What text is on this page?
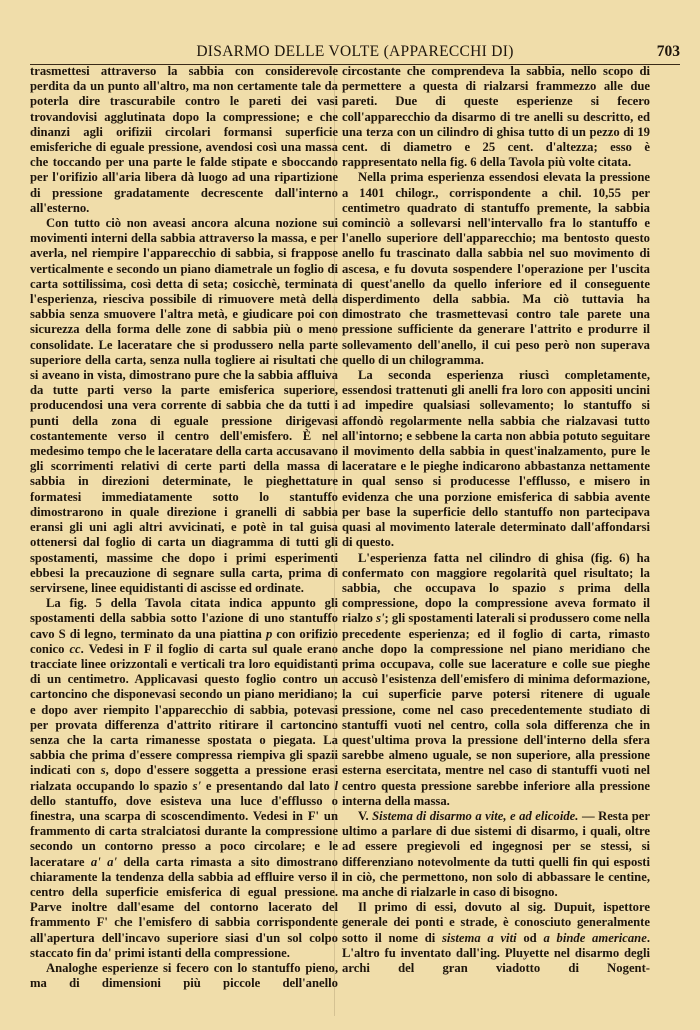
DISARMO DELLE VOLTE (APPARECCHI DI)	703

trasmettesi attraverso la sabbia con considerevole perdita da un punto all'altro, ma non certamente tale da poterla dire trascurabile contro le pareti dei vasi trovandovisi agglutinata dopo la compressione; e che dinanzi agli orifizii circolari formansi superficie emisferiche di eguale pressione, avendosi così una massa che toccando per una parte le falde stipate e sboccando per l'orifizio all'aria libera dà luogo ad una ripartizione di pressione gradatamente decrescente dall'interno all'esterno.

Con tutto ciò non aveasi ancora alcuna nozione sui movimenti interni della sabbia attraverso la massa, e per averla, nel riempire l'apparecchio di sabbia, si frappose verticalmente e secondo un piano diametrale un foglio di carta sottilissima, così detta di seta; cosicchè, terminata l'esperienza, riesciva possibile di rimuovere metà della sabbia senza smuovere l'altra metà, e giudicare poi con sicurezza della forma delle zone di sabbia più o meno consolidate. Le laceratare che si produssero nella parte superiore della carta, senza nulla togliere ai risultati che si aveano in vista, dimostrano pure che la sabbia affluiva da tutte parti verso la parte emisferica superiore, producendosi una vera corrente di sabbia che da tutti i punti della zona di eguale pressione dirigevasi costantemente verso il centro dell'emisfero. È nel medesimo tempo che le laceratare della carta accusavano gli scorrimenti relativi di certe parti della massa di sabbia in direzioni determinate, le pieghettature formatesi immediatamente sotto lo stantuffo dimostrarono in quale direzione i granelli di sabbia eransi gli uni agli altri avvicinati, e potè in tal guisa ottenersi dal foglio di carta un diagramma di tutti gli spostamenti, massime che dopo i primi esperimenti ebbesi la precauzione di segnare sulla carta, prima di servirsene, linee equidistanti di ascisse ed ordinate.

La fig. 5 della Tavola citata indica appunto gli spostamenti della sabbia sotto l'azione di uno stantuffo cavo S di legno, terminato da una piattina p con orifizio conico cc. Vedesi in F il foglio di carta sul quale erano tracciate linee orizzontali e verticali tra loro equidistanti di un centimetro. Applicavasi questo foglio contro un cartoncino che disponevasi secondo un piano meridiano; e dopo aver riempito l'apparecchio di sabbia, potevasi per provata differenza d'attrito ritirare il cartoncino senza che la carta rimanesse spostata o piegata. La sabbia che prima d'essere compressa riempiva gli spazii indicati con s, dopo d'essere soggetta a pressione erasi rialzata occupando lo spazio s' e presentando dal lato l dello stantuffo, dove esisteva una luce d'efflusso o finestra, una scarpa di scoscendimento. Vedesi in F' un frammento di carta stralciatosi durante la compressione secondo un contorno presso a poco circolare; e le laceratare a' a' della carta rimasta a sito dimostrano chiaramente la tendenza della sabbia ad effluire verso il centro della superficie emisferica di egual pressione. Parve inoltre dall'esame del contorno lacerato del frammento F' che l'emisfero di sabbia corrispondente all'apertura dell'incavo superiore siasi d'un sol colpo staccato fin da' primi istanti della compressione.

Analoghe esperienze si fecero con lo stantuffo pieno, ma di dimensioni più piccole dell'anello

circostante che comprendeva la sabbia, nello scopo di permettere a questa di rialzarsi frammezzo alle due pareti. Due di queste esperienze si fecero coll'apparecchio da disarmo di tre anelli su descritto, ed una terza con un cilindro di ghisa tutto di un pezzo di 19 cent. di diametro e 25 cent. d'altezza; esso è rappresentato nella fig. 6 della Tavola più volte citata.

Nella prima esperienza essendosi elevata la pressione a 1401 chilogr., corrispondente a chil. 10,55 per centimetro quadrato di stantuffo premente, la sabbia cominciò a sollevarsi nell'intervallo fra lo stantuffo e l'anello superiore dell'apparecchio; ma bentosto questo anello fu trascinato dalla sabbia nel suo movimento di ascesa, e fu dovuta sospendere l'operazione per l'uscita di quest'anello da quello inferiore ed il conseguente disperdimento della sabbia. Ma ciò tuttavia ha dimostrato che trasmettevasi contro tale parete una pressione sufficiente da generare l'attrito e produrre il sollevamento dell'anello, il cui peso però non superava quello di un chilogramma.

La seconda esperienza riuscì completamente, essendosi trattenuti gli anelli fra loro con appositi uncini ad impedire qualsiasi sollevamento; lo stantuffo si affondò regolarmente nella sabbia che rialzavasi tutto all'intorno; e sebbene la carta non abbia potuto seguitare il movimento della sabbia in quest'inalzamento, pure le laceratare e le pieghe indicarono abbastanza nettamente in qual senso si producesse l'efflusso, e misero in evidenza che una porzione emisferica di sabbia avente per base la superficie dello stantuffo non partecipava quasi al movimento laterale determinato dall'affondarsi di questo.

L'esperienza fatta nel cilindro di ghisa (fig. 6) ha confermato con maggiore regolarità quel risultato; la sabbia, che occupava lo spazio s prima della compressione, dopo la compressione aveva formato il rialzo s'; gli spostamenti laterali si produssero come nella precedente esperienza; ed il foglio di carta, rimasto anche dopo la compressione nel piano meridiano che prima occupava, colle sue lacerature e colle sue pieghe accusò l'esistenza dell'emisfero di minima deformazione, la cui superficie parve potersi ritenere di uguale pressione, come nel caso precedentemente studiato di stantuffi vuoti nel centro, colla sola differenza che in quest'ultima prova la pressione dell'interno della sfera sarebbe almeno uguale, se non superiore, alla pressione esterna esercitata, mentre nel caso di stantuffi vuoti nel centro questa pressione sarebbe inferiore alla pressione interna della massa.

V. Sistema di disarmo a vite, e ad elicoide. — Resta per ultimo a parlare di due sistemi di disarmo, i quali, oltre ad essere pregievoli ed ingegnosi per se stessi, si differenziano notevolmente da tutti quelli fin qui esposti in ciò, che permettono, non solo di abbassare le centine, ma anche di rialzarle in caso di bisogno.

Il primo di essi, dovuto al sig. Dupuit, ispettore generale dei ponti e strade, è conosciuto generalmente sotto il nome di sistema a viti od a binde americane. L'altro fu inventato dall'ing. Pluyette nel disarmo degli archi del gran viadotto di Nogent-
